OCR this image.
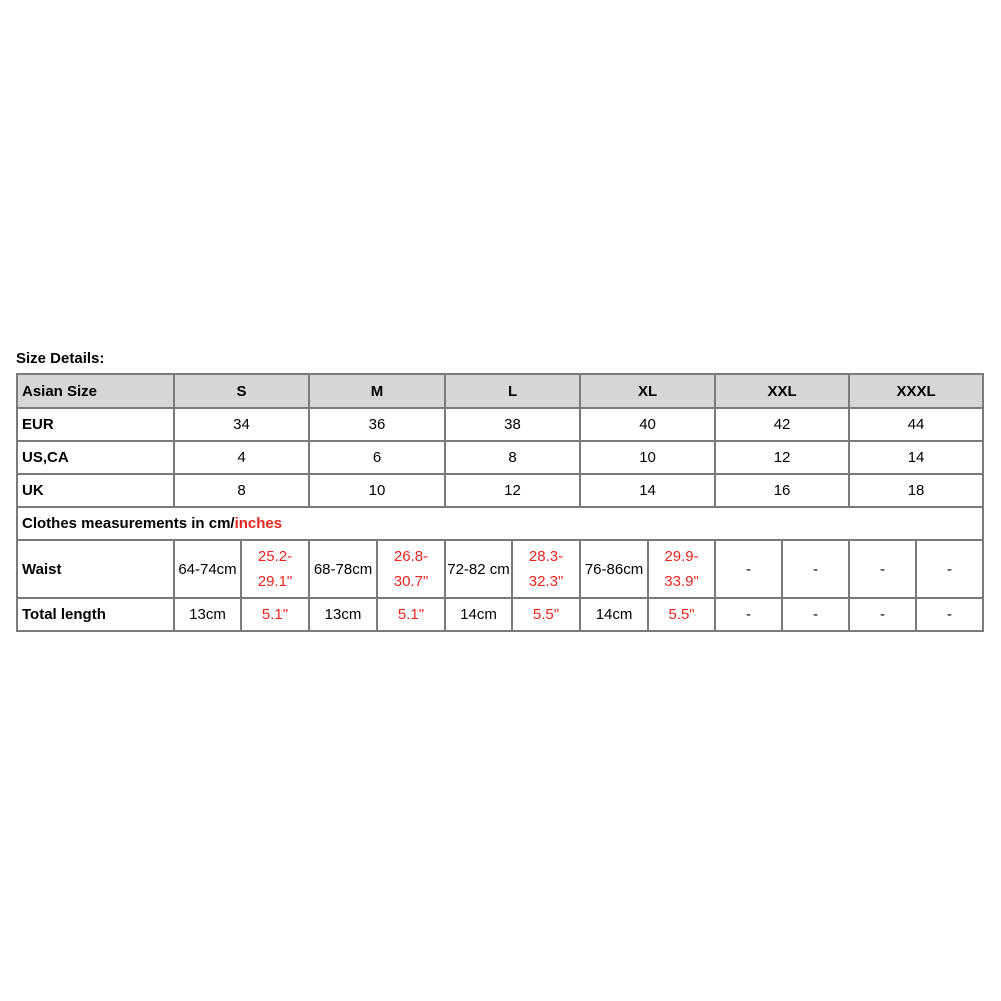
Size Details:
Asian Size	S		M		L		XL		XXL		XXXL	
EUR	34		36		38		40		42		44	
US,CA	4		6		8		10		12		14	
UK	8		10		12		14		16		18	
Clothes measurements in cm/inches												
Waist	64-74cm	25.2-29.1"	68-78cm	26.8-30.7"	72-82 cm	28.3-32.3"	76-86cm	29.9-33.9"	-	-	-	-
Total length	13cm	5.1"	13cm	5.1"	14cm	5.5"	14cm	5.5"	-	-	-	-
